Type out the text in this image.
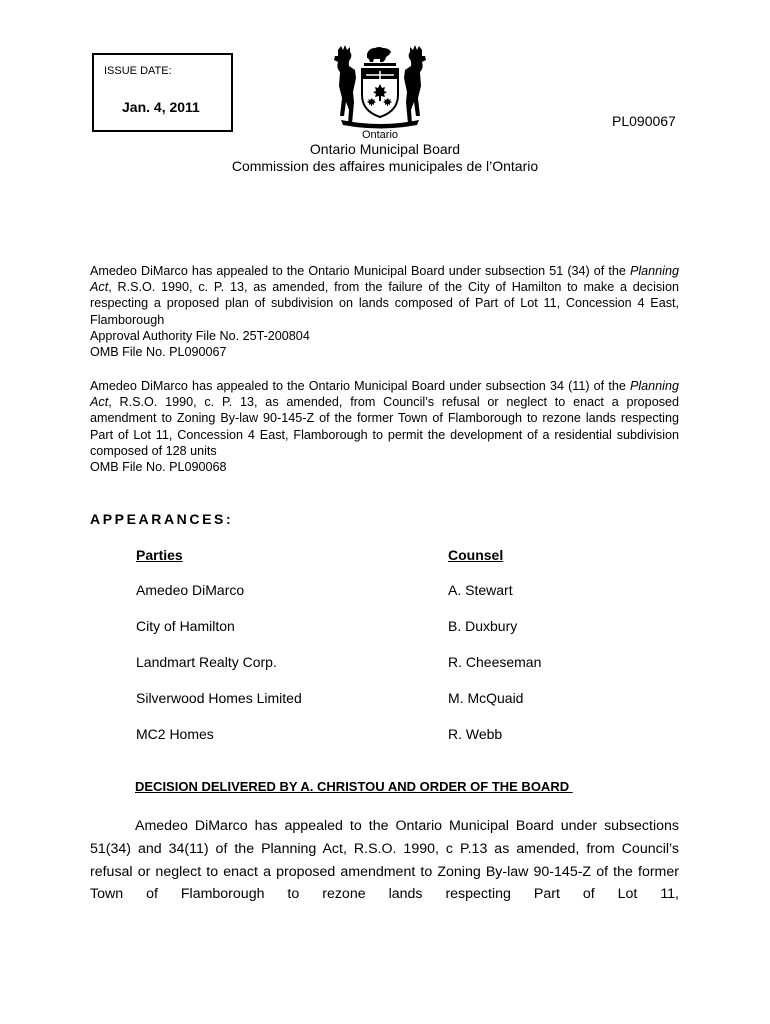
ISSUE DATE:
Jan. 4, 2011
Ontario
PL090067
Ontario Municipal Board
Commission des affaires municipales de l’Ontario

Amedeo DiMarco has appealed to the Ontario Municipal Board under subsection 51 (34) of the Planning Act, R.S.O. 1990, c. P. 13, as amended, from the failure of the City of Hamilton to make a decision respecting a proposed plan of subdivision on lands composed of Part of Lot 11, Concession 4 East, Flamborough

Approval Authority File No. 25T-200804

OMB File No. PL090067

Amedeo DiMarco has appealed to the Ontario Municipal Board under subsection 34 (11) of the Planning Act, R.S.O. 1990, c. P. 13, as amended, from Council’s refusal or neglect to enact a proposed amendment to Zoning By-law 90-145-Z of the former Town of Flamborough to rezone lands respecting Part of Lot 11, Concession 4 East, Flamborough to permit the development of a residential subdivision composed of 128 units

OMB File No. PL090068

APPEARANCES:
Parties	Counsel
Amedeo DiMarco	A. Stewart
City of Hamilton	B. Duxbury
Landmart Realty Corp.	R. Cheeseman
Silverwood Homes Limited	M. McQuaid
MC2 Homes	R. Webb
DECISION DELIVERED BY A. CHRISTOU AND ORDER OF THE BOARD
Amedeo DiMarco has appealed to the Ontario Municipal Board under subsections 51(34) and 34(11) of the Planning Act, R.S.O. 1990, c P.13 as amended, from Council’s refusal or neglect to enact a proposed amendment to Zoning By-law 90-145-Z of the former Town of Flamborough to rezone lands respecting Part of Lot 11,
